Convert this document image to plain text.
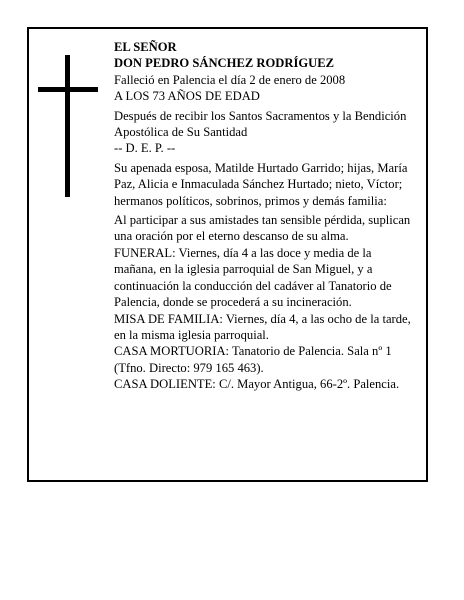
EL SEÑOR

DON PEDRO SÁNCHEZ RODRÍGUEZ

Falleció en Palencia el día 2 de enero de 2008

A LOS 73 AÑOS DE EDAD

Después de recibir los Santos Sacramentos y la Bendición Apostólica de Su Santidad

-- D. E. P. --

Su apenada esposa, Matilde Hurtado Garrido; hijas, María Paz, Alicia e Inmaculada Sánchez Hurtado; nieto, Víctor; hermanos políticos, sobrinos, primos y demás familia:

Al participar a sus amistades tan sensible pérdida, suplican una oración por el eterno descanso de su alma.

FUNERAL: Viernes, día 4 a las doce y media de la mañana, en la iglesia parroquial de San Miguel, y a continuación la conducción del cadáver al Tanatorio de Palencia, donde se procederá a su incineración.

MISA DE FAMILIA: Viernes, día 4, a las ocho de la tarde, en la misma iglesia parroquial.

CASA MORTUORIA: Tanatorio de Palencia. Sala nº 1 (Tfno. Directo: 979 165 463).

CASA DOLIENTE: C/. Mayor Antigua, 66-2º. Palencia.
